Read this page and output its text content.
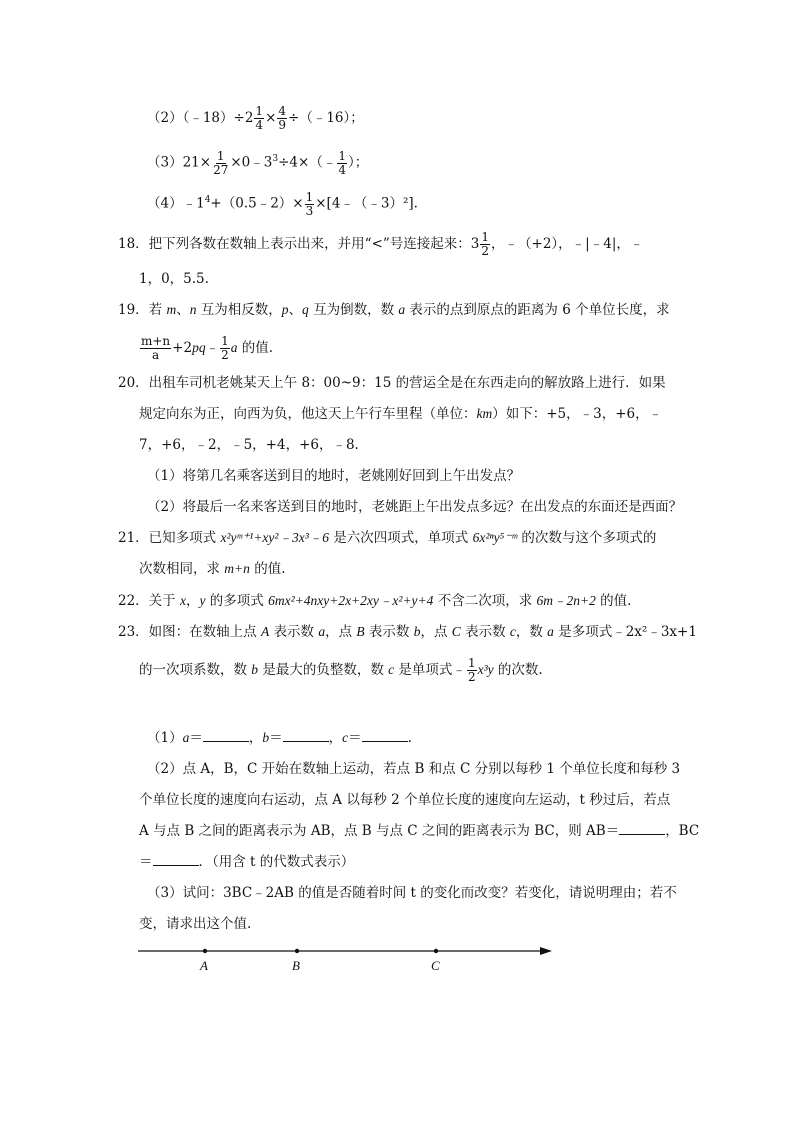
（2）（﹣18）÷2 $\frac{1}{4} \times \frac{4}{9}$ ÷（﹣16）；
$(3)21\times \frac{1}{27}$ $\times 0﹣3^3\div 4\times(﹣ \frac{1}{4}$ ）；
$(4)﹣1^4+(0.5﹣2)\times \frac{1}{3}$ ×[4﹣（﹣3）²].
18．把下列各数在数轴上表示出来，并用“<”号连接起来：$3 \frac{1}{2}$ ，﹣（+2），﹣|﹣4|，﹣
1，0，5.5.
19．若 m、n 互为相反数，p、q 互为倒数，数 a 表示的点到原点的距离为 6 个单位长度，求
$\frac{m+n}{a}$ +2pq﹣ $\frac{1}{2}$ a 的值.
20．出租车司机老姚某天上午 8：00~9：15 的营运全是在东西走向的解放路上进行．如果
规定向东为正，向西为负，他这天上午行车里程（单位：km）如下：+5，﹣3，+6，﹣
7，+6，﹣2，﹣5，+4，+6，﹣8.
（1）将第几名乘客送到目的地时，老姚刚好回到上午出发点？
（2）将最后一名来客送到目的地时，老姚距上午出发点多远？在出发点的东面还是西面？
21．已知多项式 x²yᵐ⁺¹+xy²﹣3x³﹣6 是六次四项式，单项式 6x²ⁿy⁵⁻ᵐ 的次数与这个多项式的
次数相同，求 m+n 的值.
22．关于 x，y 的多项式 6mx²+4nxy+2x+2xy﹣x²+y+4 不含二次项，求 6m﹣2n+2 的值.
23．如图：在数轴上点 A 表示数 a，点 B 表示数 b，点 C 表示数 c，数 a 是多项式﹣2x²﹣3x+1
的一次项系数，数 b 是最大的负整数，数 c 是单项式﹣ $\frac{1}{2} x^3y$ 的次数.
（1）a＝	，b＝	，c＝	.
（2）点 A，B，C 开始在数轴上运动，若点 B 和点 C 分别以每秒 1 个单位长度和每秒 3
个单位长度的速度向右运动，点 A 以每秒 2 个单位长度的速度向左运动，t 秒过后，若点
A 与点 B 之间的距离表示为 AB，点 B 与点 C 之间的距离表示为 BC，则 AB＝	，BC
＝	．（用含 t 的代数式表示）
（3）试问：3BC﹣2AB 的值是否随着时间 t 的变化而改变？若变化，请说明理由；若不
变，请求出这个值.
A	B	C
